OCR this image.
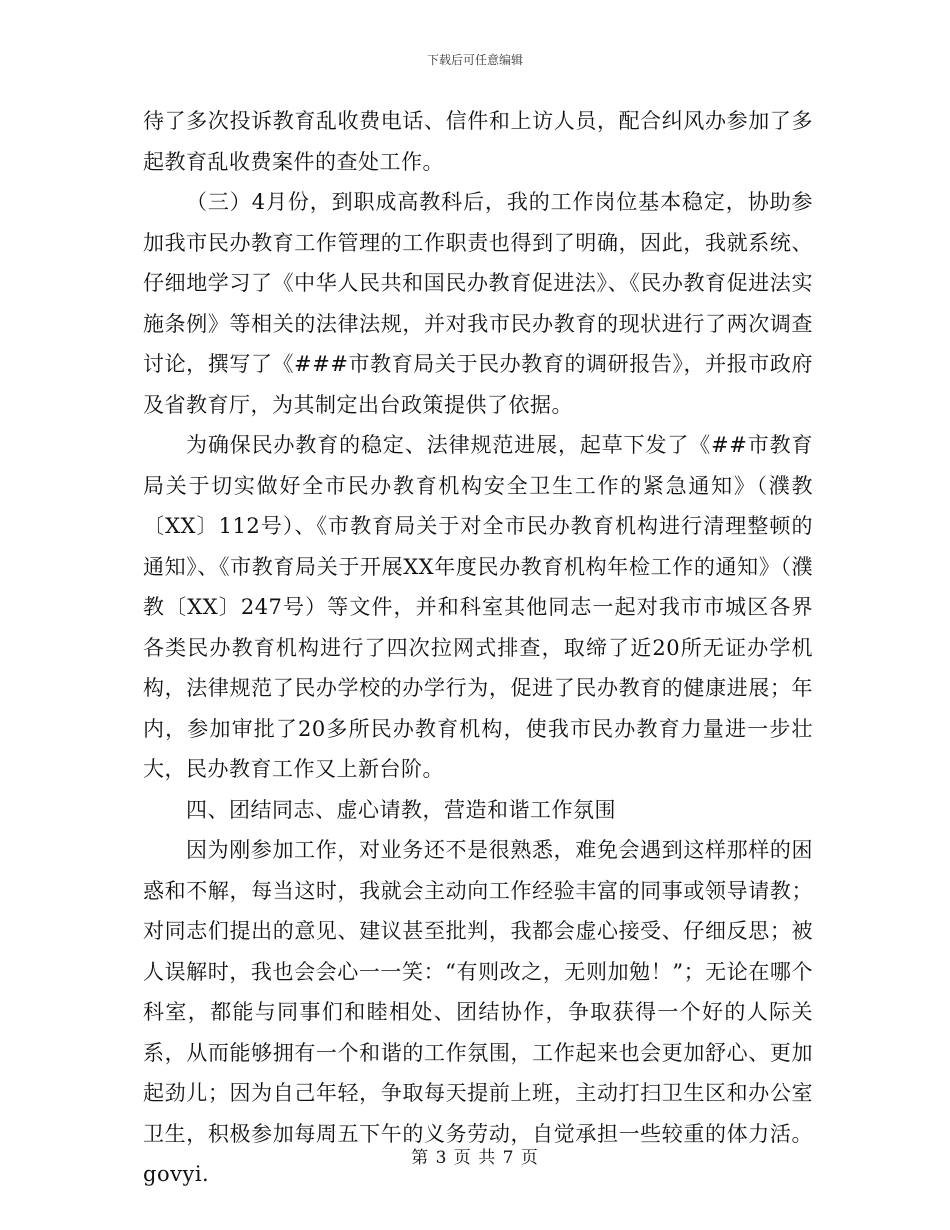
下载后可任意编辑

待了多次投诉教育乱收费电话、信件和上访人员，配合纠风办参加了多起教育乱收费案件的查处工作。

（三）4月份，到职成高教科后，我的工作岗位基本稳定，协助参加我市民办教育工作管理的工作职责也得到了明确，因此，我就系统、仔细地学习了《中华人民共和国民办教育促进法》、《民办教育促进法实施条例》等相关的法律法规，并对我市民办教育的现状进行了两次调查讨论，撰写了《###市教育局关于民办教育的调研报告》，并报市政府及省教育厅，为其制定出台政策提供了依据。

为确保民办教育的稳定、法律规范进展，起草下发了《##市教育局关于切实做好全市民办教育机构安全卫生工作的紧急通知》（濮教〔XX〕112号）、《市教育局关于对全市民办教育机构进行清理整顿的通知》、《市教育局关于开展XX年度民办教育机构年检工作的通知》（濮教〔XX〕247号）等文件，并和科室其他同志一起对我市市城区各界各类民办教育机构进行了四次拉网式排查，取缔了近20所无证办学机构，法律规范了民办学校的办学行为，促进了民办教育的健康进展；年内，参加审批了20多所民办教育机构，使我市民办教育力量进一步壮大，民办教育工作又上新台阶。

四、团结同志、虚心请教，营造和谐工作氛围

因为刚参加工作，对业务还不是很熟悉，难免会遇到这样那样的困惑和不解，每当这时，我就会主动向工作经验丰富的同事或领导请教；对同志们提出的意见、建议甚至批判，我都会虚心接受、仔细反思；被人误解时，我也会会心一一笑：“有则改之，无则加勉！”；无论在哪个科室，都能与同事们和睦相处、团结协作，争取获得一个好的人际关系，从而能够拥有一个和谐的工作氛围，工作起来也会更加舒心、更加起劲儿；因为自己年轻，争取每天提前上班，主动打扫卫生区和办公室卫生，积极参加每周五下午的义务劳动，自觉承担一些较重的体力活。govyi.

第 3 页 共 7 页
